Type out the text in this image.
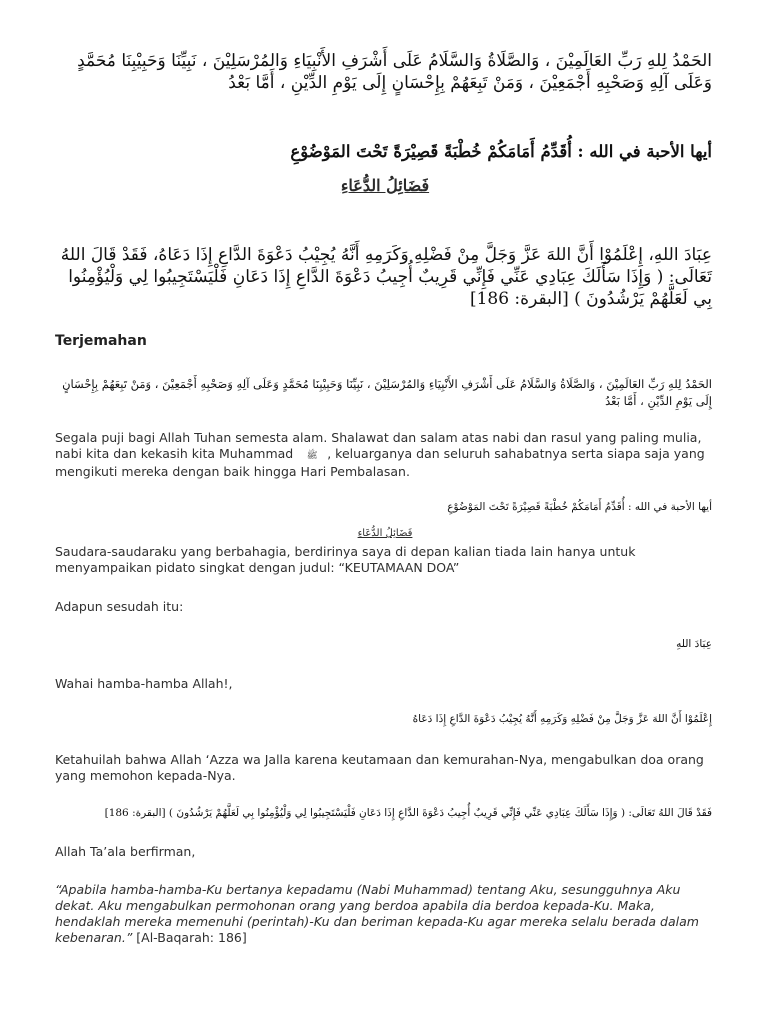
الحَمْدُ لِلهِ رَبِّ العَالَمِيْنَ ، وَالصَّلَاةُ وَالسَّلَامُ عَلَى أَشْرَفِ الأَنْبِيَاءِ وَالمُرْسَلِيْنَ ، نَبِيِّنَا وَحَبِيْبِنَا مُحَمَّدٍ وَعَلَى آلِهِ وَصَحْبِهِ أَجْمَعِيْنَ ، وَمَنْ تَبِعَهُمْ بِإِحْسَانٍ إِلَى يَوْمِ الدِّيْنِ ، أَمَّا بَعْدُ
أيها الأحبة في الله : أُقَدِّمُ أَمَامَكُمْ خُطْبَةً قَصِيْرَةً تَحْتَ المَوْضُوْعِ
فَضَائِلُ الدُّعَاءِ
عِبَادَ اللهِ، إِعْلَمُوْا أَنَّ اللهَ عَزَّ وَجَلَّ مِنْ فَضْلِهِ وَكَرَمِهِ أَنَّهُ يُجِيْبُ دَعْوَةَ الدَّاعِ إِذَا دَعَاهُ، فَقَدْ قَالَ اللهُ تَعَالَى: ( وَإِذَا سَأَلَكَ عِبَادِي عَنِّي فَإِنِّي قَرِيبٌ أُجِيبُ دَعْوَةَ الدَّاعِ إِذَا دَعَانِ فَلْيَسْتَجِيبُوا لِي وَلْيُؤْمِنُوا بِي لَعَلَّهُمْ يَرْشُدُونَ ) [البقرة: 186]
Terjemahan
الحَمْدُ لِلهِ رَبِّ العَالَمِيْنَ ، وَالصَّلَاةُ وَالسَّلَامُ عَلَى أَشْرَفِ الأَنْبِيَاءِ وَالمُرْسَلِيْنَ ، نَبِيِّنَا وَحَبِيْبِنَا مُحَمَّدٍ وَعَلَى آلِهِ وَصَحْبِهِ أَجْمَعِيْنَ ، وَمَنْ تَبِعَهُمْ بِإِحْسَانٍ إِلَى يَوْمِ الدِّيْنِ ، أَمَّا بَعْدُ
Segala puji bagi Allah Tuhan semesta alam. Shalawat dan salam atas nabi dan rasul yang paling mulia, nabi kita dan kekasih kita Muhammad ﷺ , keluarganya dan seluruh sahabatnya serta siapa saja yang mengikuti mereka dengan baik hingga Hari Pembalasan.
أيها الأحبة في الله : أُقَدِّمُ أَمَامَكُمْ خُطْبَةً قَصِيْرَةً تَحْتَ المَوْضُوْعِ
فَضَائِلُ الدُّعَاءِ
Saudara-saudaraku yang berbahagia, berdirinya saya di depan kalian tiada lain hanya untuk menyampaikan pidato singkat dengan judul: “KEUTAMAAN DOA”
Adapun sesudah itu:
عِبَادَ اللهِ
Wahai hamba-hamba Allah!,
إِعْلَمُوْا أَنَّ اللهَ عَزَّ وَجَلَّ مِنْ فَضْلِهِ وَكَرَمِهِ أَنَّهُ يُجِيْبُ دَعْوَةَ الدَّاعِ إِذَا دَعَاهُ
Ketahuilah bahwa Allah ‘Azza wa Jalla karena keutamaan dan kemurahan-Nya, mengabulkan doa orang yang memohon kepada-Nya.
فَقَدْ قَالَ اللهُ تَعَالَى: ( وَإِذَا سَأَلَكَ عِبَادِي عَنِّي فَإِنِّي قَرِيبٌ أُجِيبُ دَعْوَةَ الدَّاعِ إِذَا دَعَانِ فَلْيَسْتَجِيبُوا لِي وَلْيُؤْمِنُوا بِي لَعَلَّهُمْ يَرْشُدُونَ ) [البقرة: 186]
Allah Ta’ala berfirman,
“Apabila hamba-hamba-Ku bertanya kepadamu (Nabi Muhammad) tentang Aku, sesungguhnya Aku dekat. Aku mengabulkan permohonan orang yang berdoa apabila dia berdoa kepada-Ku. Maka, hendaklah mereka memenuhi (perintah)-Ku dan beriman kepada-Ku agar mereka selalu berada dalam kebenaran.” [Al-Baqarah: 186]
